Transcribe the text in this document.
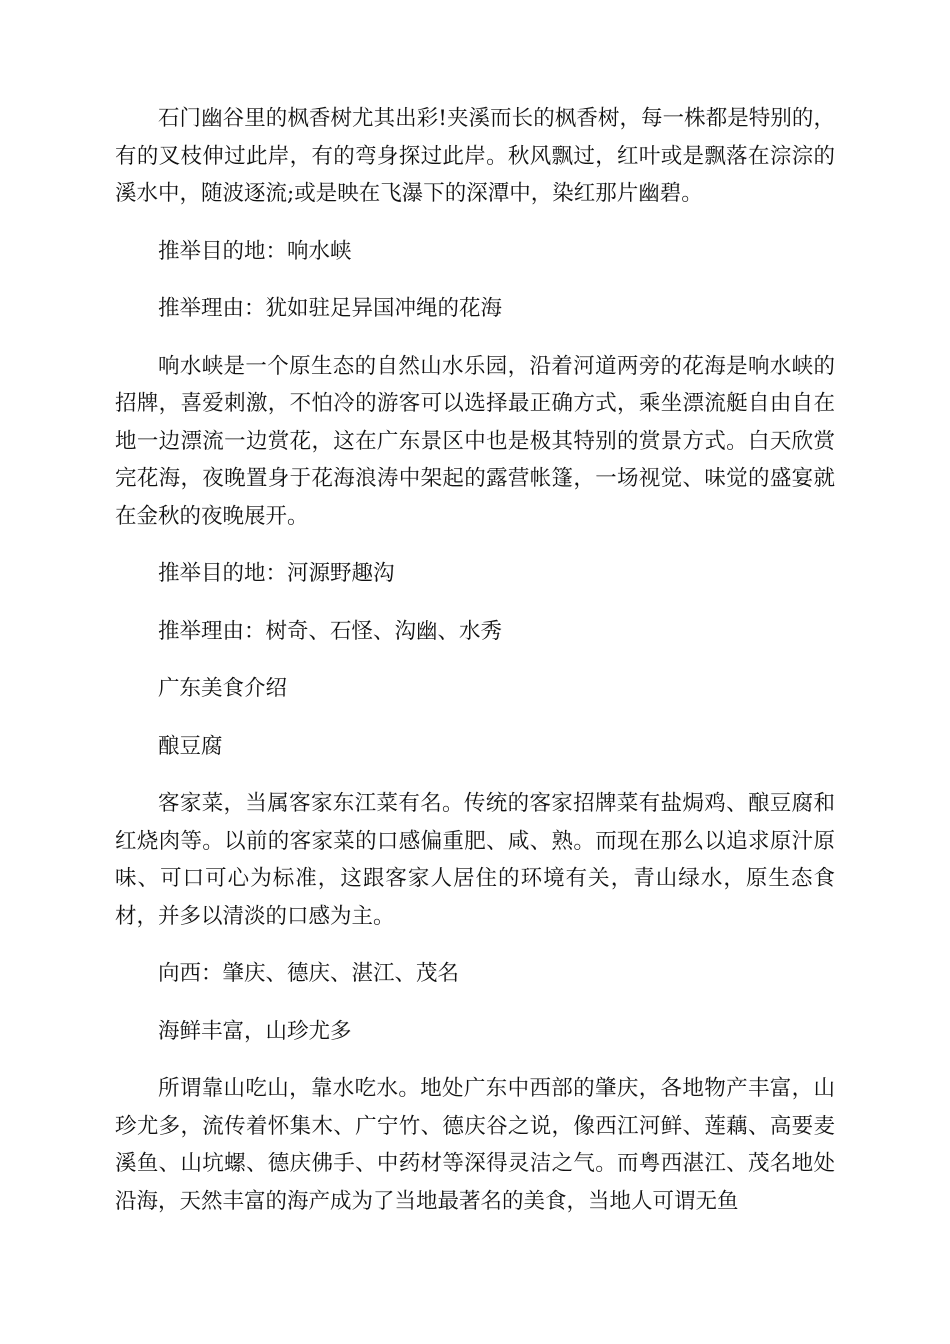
石门幽谷里的枫香树尤其出彩!夹溪而长的枫香树，每一株都是特别的，有的叉枝伸过此岸，有的弯身探过此岸。秋风飘过，红叶或是飘落在淙淙的溪水中，随波逐流;或是映在飞瀑下的深潭中，染红那片幽碧。

推举目的地：响水峡

推举理由：犹如驻足异国冲绳的花海

响水峡是一个原生态的自然山水乐园，沿着河道两旁的花海是响水峡的招牌，喜爱刺激，不怕冷的游客可以选择最正确方式，乘坐漂流艇自由自在地一边漂流一边赏花，这在广东景区中也是极其特别的赏景方式。白天欣赏完花海，夜晚置身于花海浪涛中架起的露营帐篷，一场视觉、味觉的盛宴就在金秋的夜晚展开。

推举目的地：河源野趣沟

推举理由：树奇、石怪、沟幽、水秀

广东美食介绍

酿豆腐

客家菜，当属客家东江菜有名。传统的客家招牌菜有盐焗鸡、酿豆腐和红烧肉等。以前的客家菜的口感偏重肥、咸、熟。而现在那么以追求原汁原味、可口可心为标准，这跟客家人居住的环境有关，青山绿水，原生态食材，并多以清淡的口感为主。

向西：肇庆、德庆、湛江、茂名

海鲜丰富，山珍尤多

所谓靠山吃山，靠水吃水。地处广东中西部的肇庆，各地物产丰富，山珍尤多，流传着怀集木、广宁竹、德庆谷之说，像西江河鲜、莲藕、高要麦溪鱼、山坑螺、德庆佛手、中药材等深得灵洁之气。而粤西湛江、茂名地处沿海，天然丰富的海产成为了当地最著名的美食，当地人可谓无鱼
